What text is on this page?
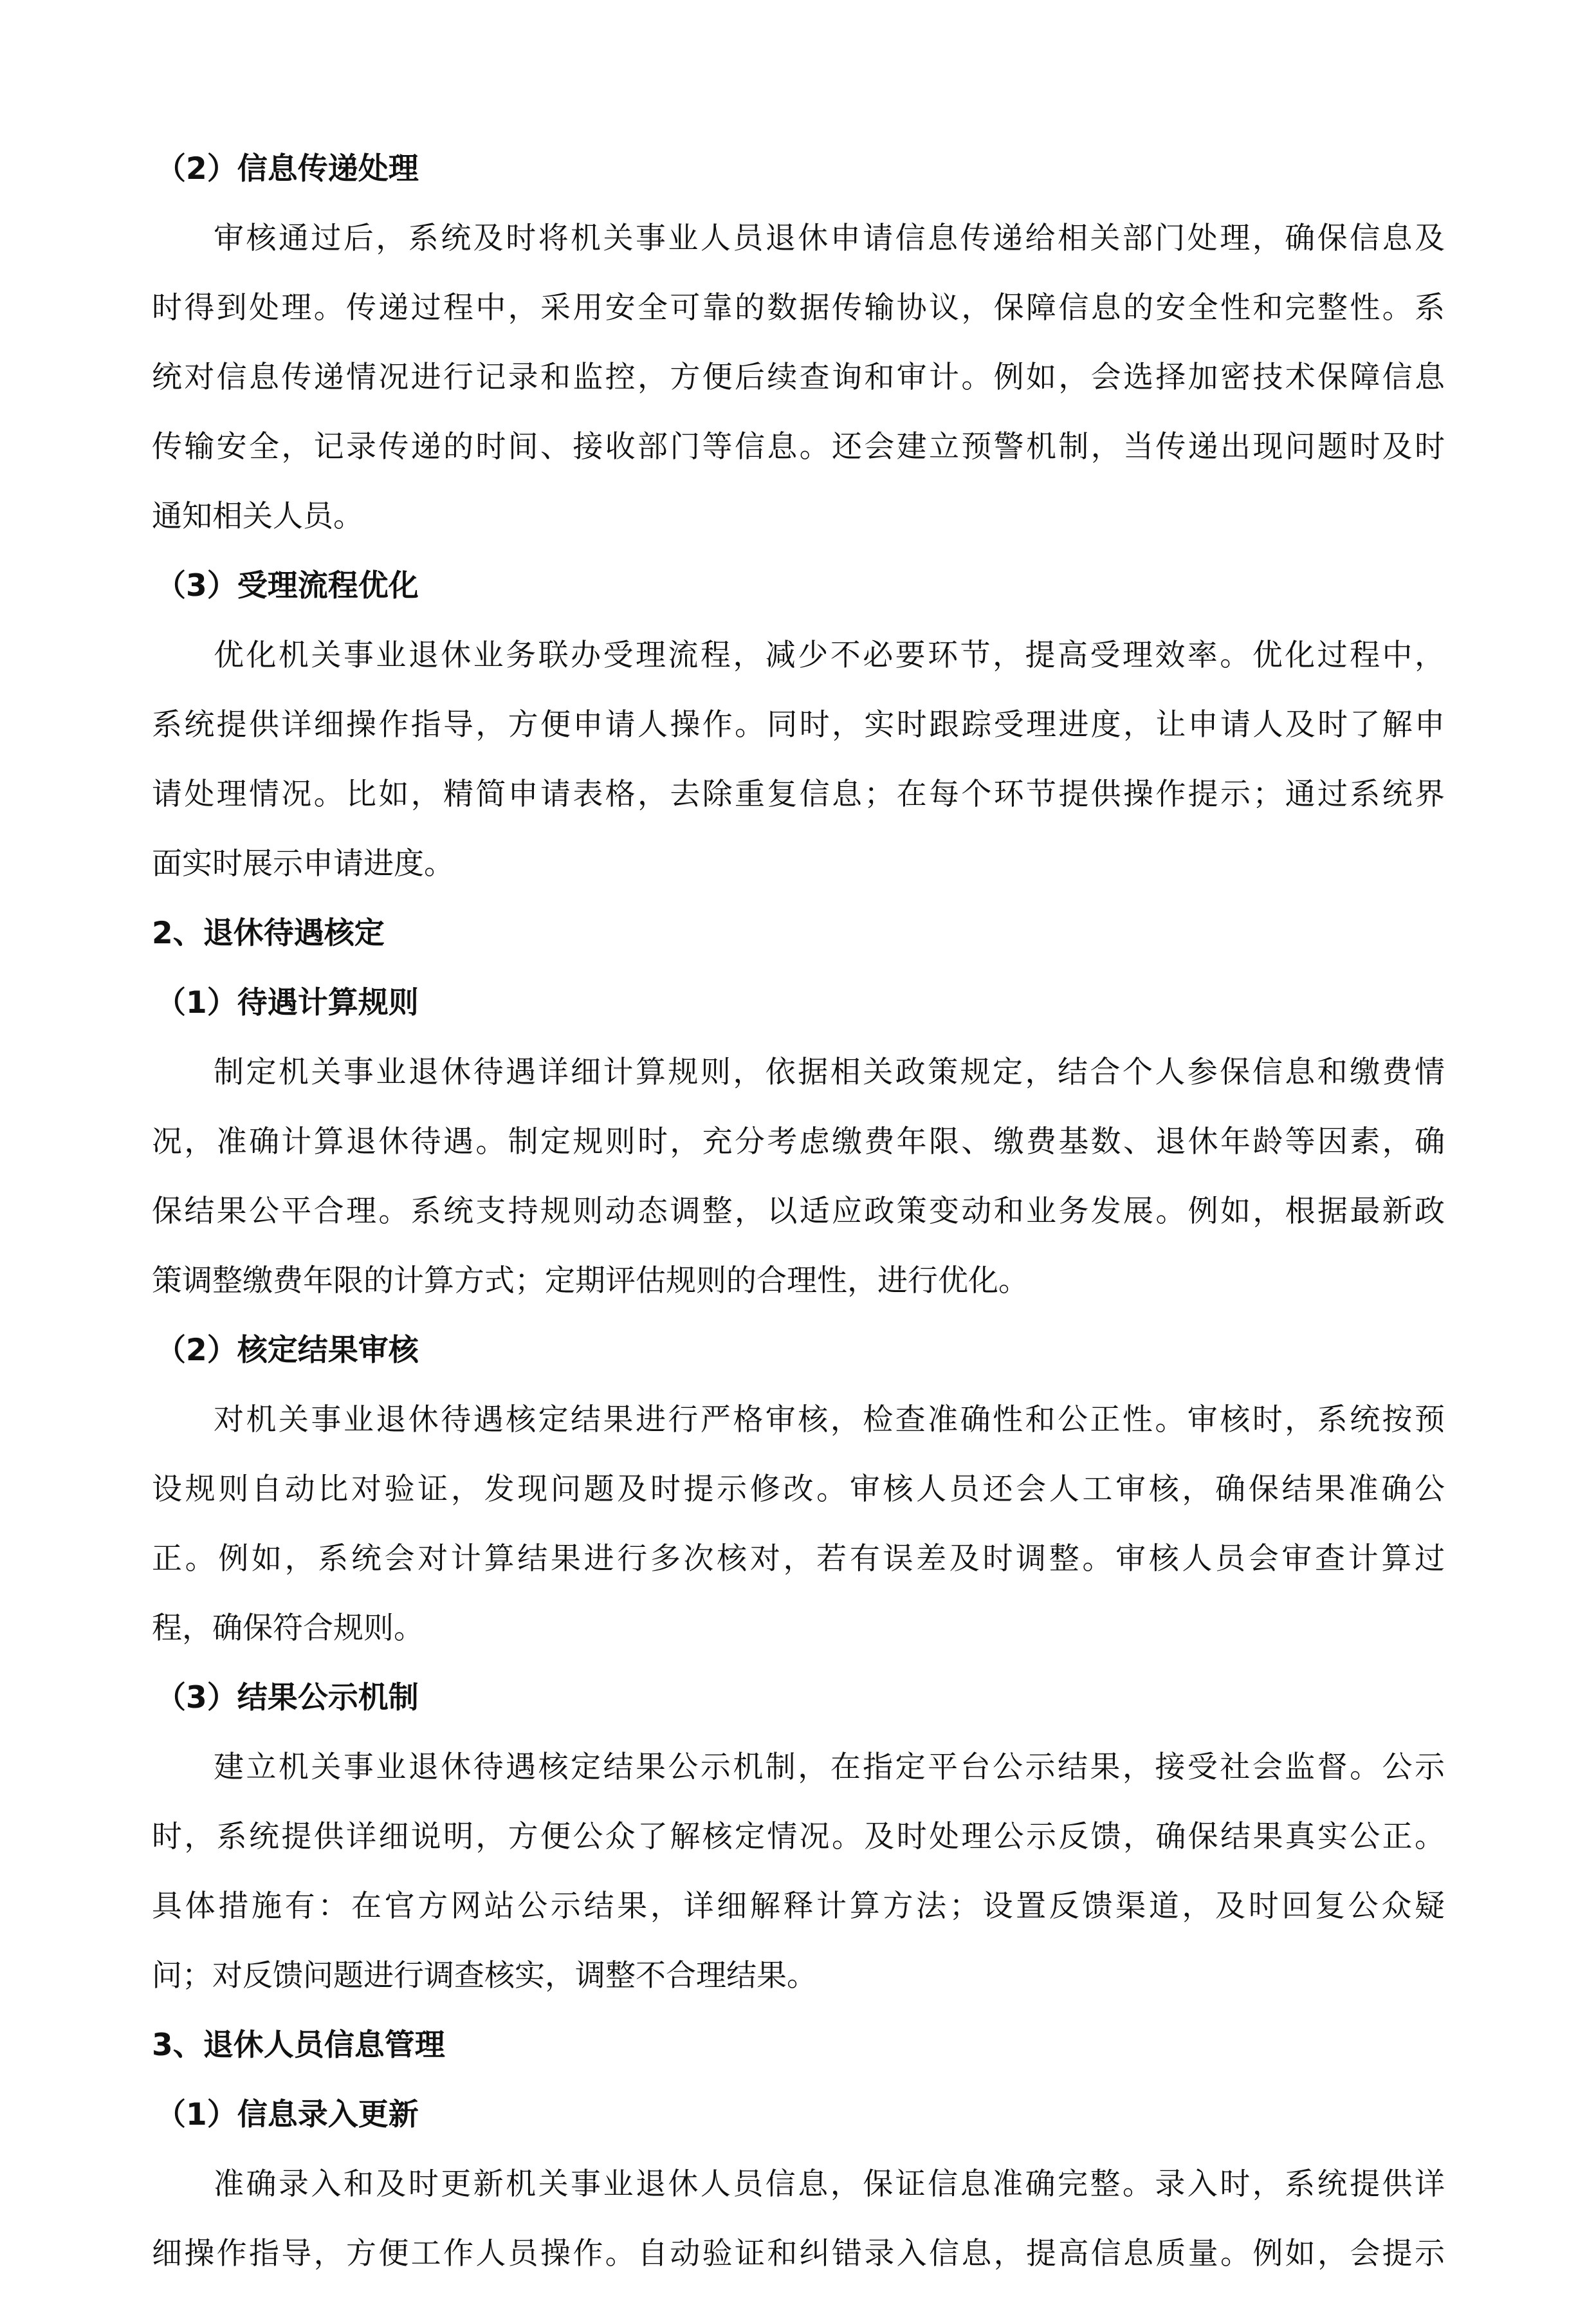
（2）信息传递处理
审核通过后，系统及时将机关事业人员退休申请信息传递给相关部门处理，确保信息及
时得到处理。传递过程中，采用安全可靠的数据传输协议，保障信息的安全性和完整性。系
统对信息传递情况进行记录和监控，方便后续查询和审计。例如，会选择加密技术保障信息
传输安全，记录传递的时间、接收部门等信息。还会建立预警机制，当传递出现问题时及时
通知相关人员。
（3）受理流程优化
优化机关事业退休业务联办受理流程，减少不必要环节，提高受理效率。优化过程中，
系统提供详细操作指导，方便申请人操作。同时，实时跟踪受理进度，让申请人及时了解申
请处理情况。比如，精简申请表格，去除重复信息；在每个环节提供操作提示；通过系统界
面实时展示申请进度。
2、退休待遇核定
（1）待遇计算规则
制定机关事业退休待遇详细计算规则，依据相关政策规定，结合个人参保信息和缴费情
况，准确计算退休待遇。制定规则时，充分考虑缴费年限、缴费基数、退休年龄等因素，确
保结果公平合理。系统支持规则动态调整，以适应政策变动和业务发展。例如，根据最新政
策调整缴费年限的计算方式；定期评估规则的合理性，进行优化。
（2）核定结果审核
对机关事业退休待遇核定结果进行严格审核，检查准确性和公正性。审核时，系统按预
设规则自动比对验证，发现问题及时提示修改。审核人员还会人工审核，确保结果准确公
正。例如，系统会对计算结果进行多次核对，若有误差及时调整。审核人员会审查计算过
程，确保符合规则。
（3）结果公示机制
建立机关事业退休待遇核定结果公示机制，在指定平台公示结果，接受社会监督。公示
时，系统提供详细说明，方便公众了解核定情况。及时处理公示反馈，确保结果真实公正。
具体措施有：在官方网站公示结果，详细解释计算方法；设置反馈渠道，及时回复公众疑
问；对反馈问题进行调查核实，调整不合理结果。
3、退休人员信息管理
（1）信息录入更新
准确录入和及时更新机关事业退休人员信息，保证信息准确完整。录入时，系统提供详
细操作指导，方便工作人员操作。自动验证和纠错录入信息，提高信息质量。例如，会提示
